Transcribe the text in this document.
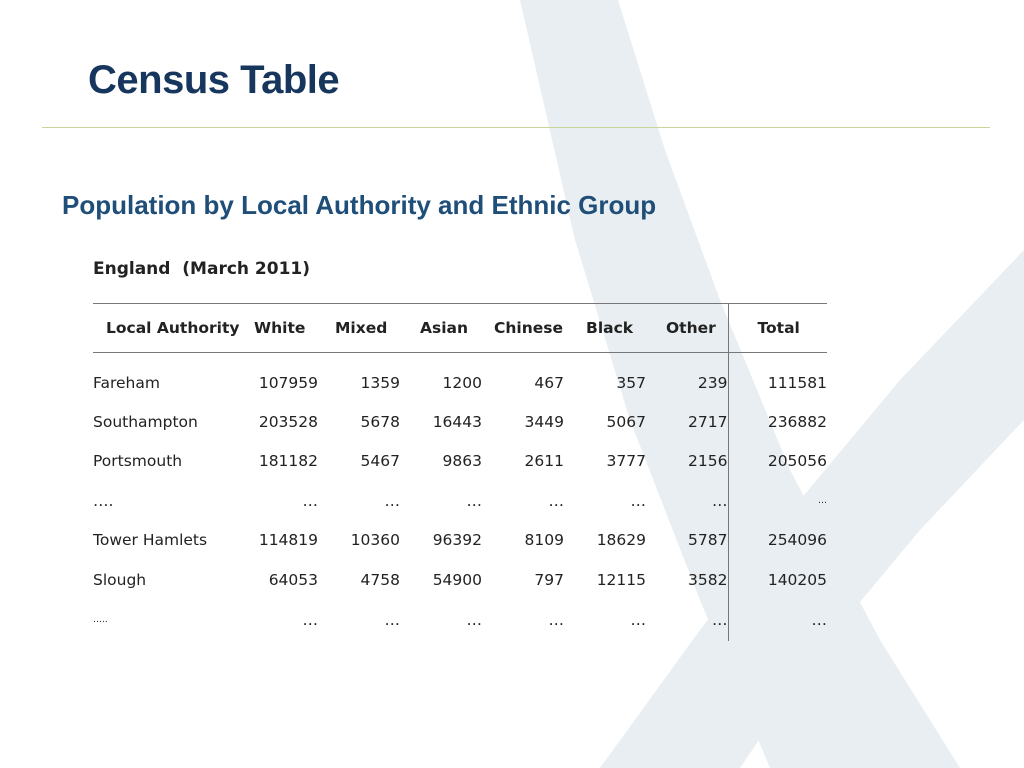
Census Table
Population by Local Authority and Ethnic Group
England  (March 2011)
Local Authority	White	Mixed	Asian	Chinese	Black	Other	Total
Fareham	107959	1359	1200	467	357	239	111581
Southampton	203528	5678	16443	3449	5067	2717	236882
Portsmouth	181182	5467	9863	2611	3777	2156	205056
….	…	…	…	…	…	…	…
Tower Hamlets	114819	10360	96392	8109	18629	5787	254096
Slough	64053	4758	54900	797	12115	3582	140205
…..	…	…	…	…	…	…	…
